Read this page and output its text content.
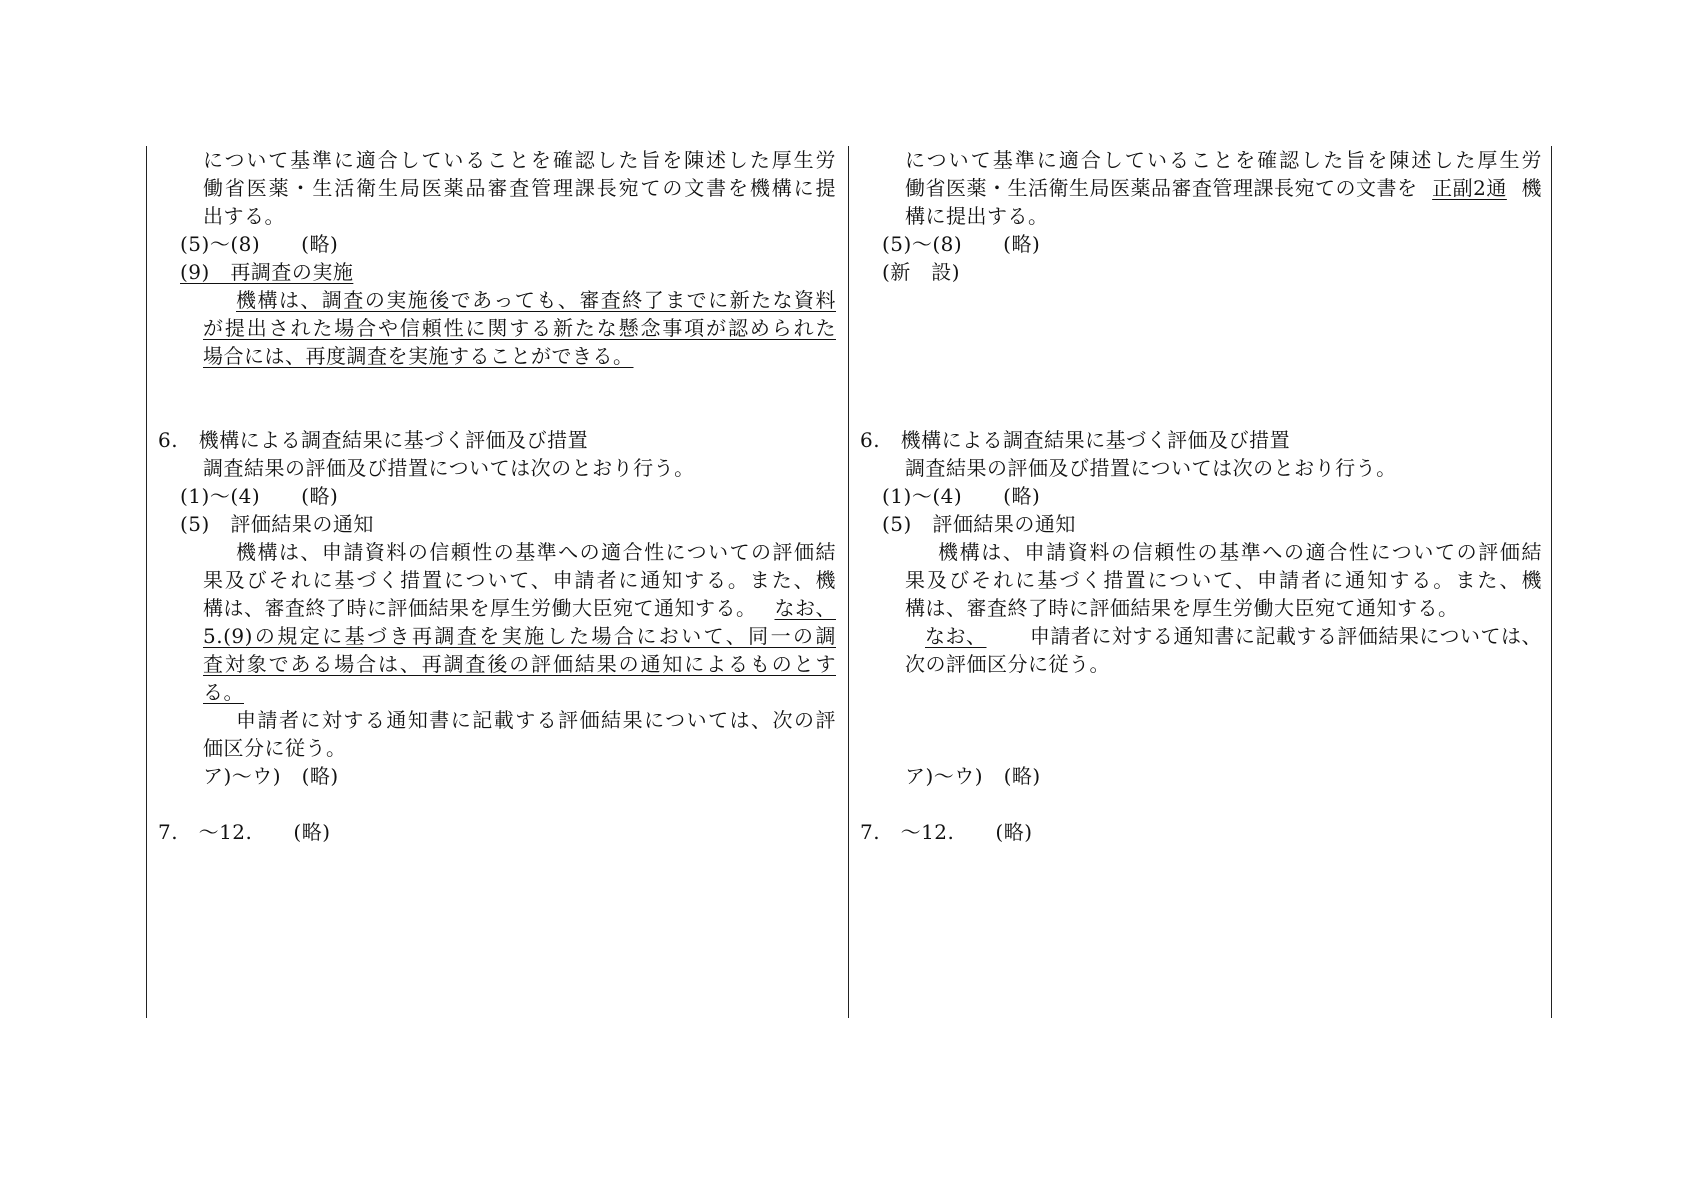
について基準に適合していることを確認した旨を陳述した厚生労
働省医薬・生活衛生局医薬品審査管理課長宛ての文書を機構に提
出する。
(5)～(8)　　(略)
(9)　再調査の実施
機構は、調査の実施後であっても、審査終了までに新たな資料
が提出された場合や信頼性に関する新たな懸念事項が認められた
場合には、再度調査を実施することができる。
6.　機構による調査結果に基づく評価及び措置
調査結果の評価及び措置については次のとおり行う。
(1)～(4)　　(略)
(5)　評価結果の通知
機構は、申請資料の信頼性の基準への適合性についての評価結
果及びそれに基づく措置について、申請者に通知する。また、機
構は、審査終了時に評価結果を厚生労働大臣宛て通知する。 なお、
5.(9)の規定に基づき再調査を実施した場合において、同一の調
査対象である場合は、再調査後の評価結果の通知によるものとす
る。
申請者に対する通知書に記載する評価結果については、次の評
価区分に従う。
ア)～ウ)　(略)
7.　～12.　　(略)
について基準に適合していることを確認した旨を陳述した厚生労
働省医薬・生活衛生局医薬品審査管理課長宛ての文書を 正副2通 機
構に提出する。
(5)～(8)　　(略)
(新　設)
6.　機構による調査結果に基づく評価及び措置
調査結果の評価及び措置については次のとおり行う。
(1)～(4)　　(略)
(5)　評価結果の通知
機構は、申請資料の信頼性の基準への適合性についての評価結
果及びそれに基づく措置について、申請者に通知する。また、機
構は、審査終了時に評価結果を厚生労働大臣宛て通知する。
なお、 申請者に対する通知書に記載する評価結果については、
次の評価区分に従う。
ア)～ウ)　(略)
7.　～12.　　(略)
